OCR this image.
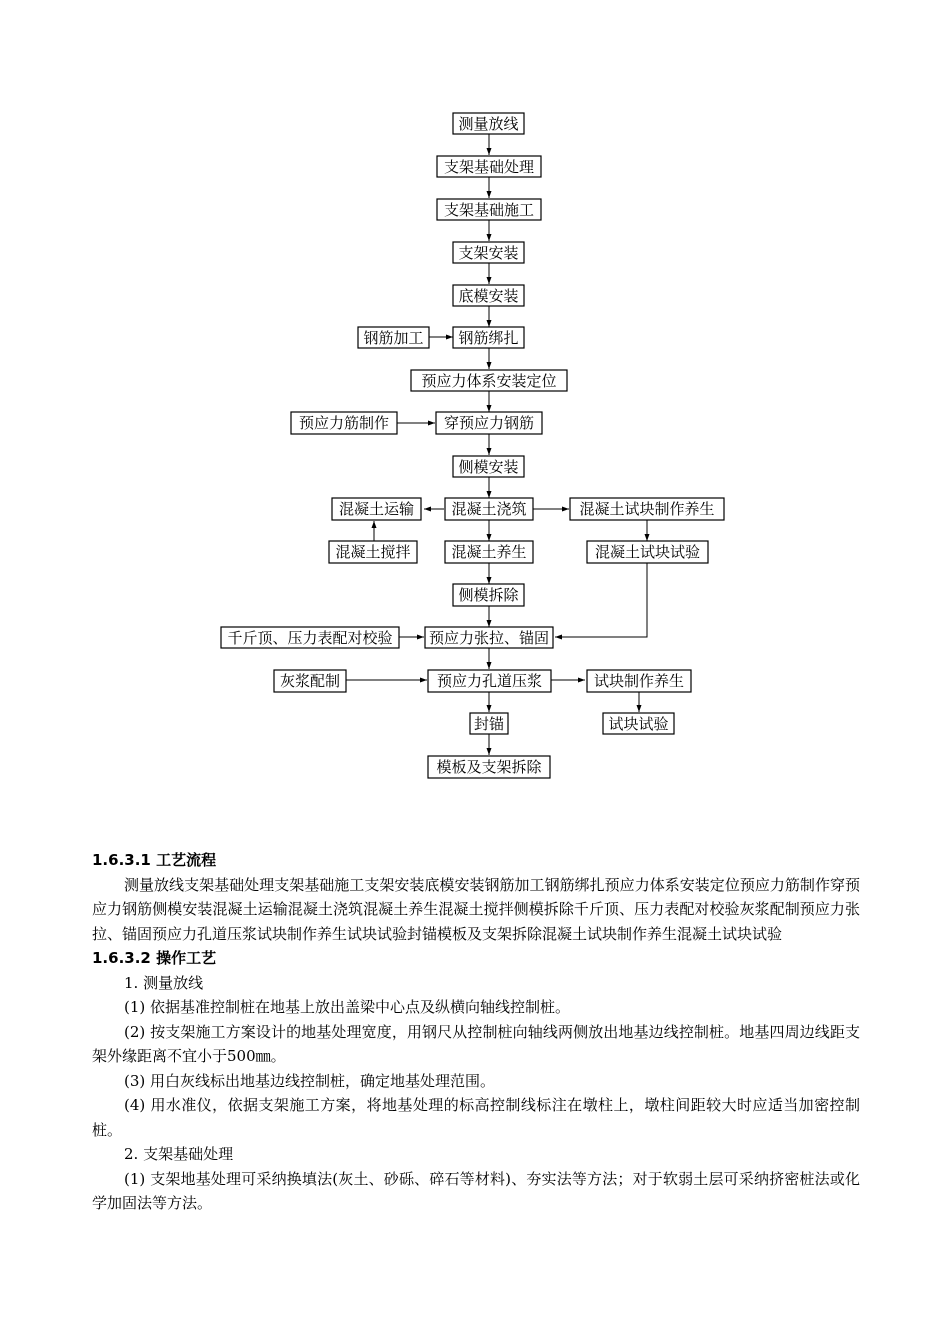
测量放线
支架基础处理
支架基础施工
支架安装
底模安装
钢筋加工 钢筋绑扎
预应力体系安装定位
预应力筋制作	穿预应力钢筋
侧模安装
混凝土运输 混凝土浇筑	混凝土试块制作养生
混凝土搅拌	混凝土养生	混凝土试块试验
侧模拆除
千斤顶、压力表配对校验 预应力张拉、锚固
灰浆配制	预应力孔道压浆	试块制作养生
封锚	试块试验
模板及支架拆除
1.6.3.1 工艺流程
测量放线支架基础处理支架基础施工支架安装底模安装钢筋加工钢筋绑扎预应力体系安装定位预应力筋制作穿预应力钢筋侧模安装混凝土运输混凝土浇筑混凝土养生混凝土搅拌侧模拆除千斤顶、压力表配对校验灰浆配制预应力张拉、锚固预应力孔道压浆试块制作养生试块试验封锚模板及支架拆除混凝土试块制作养生混凝土试块试验
1.6.3.2 操作工艺
1. 测量放线
(1) 依据基准控制桩在地基上放出盖梁中心点及纵横向轴线控制桩。
(2) 按支架施工方案设计的地基处理宽度，用钢尺从控制桩向轴线两侧放出地基边线控制桩。地基四周边线距支架外缘距离不宜小于500㎜。
(3) 用白灰线标出地基边线控制桩，确定地基处理范围。
(4) 用水准仪，依据支架施工方案，将地基处理的标高控制线标注在墩柱上，墩柱间距较大时应适当加密控制桩。
2. 支架基础处理
(1) 支架地基处理可采纳换填法(灰土、砂砾、碎石等材料)、夯实法等方法；对于软弱土层可采纳挤密桩法或化学加固法等方法。
